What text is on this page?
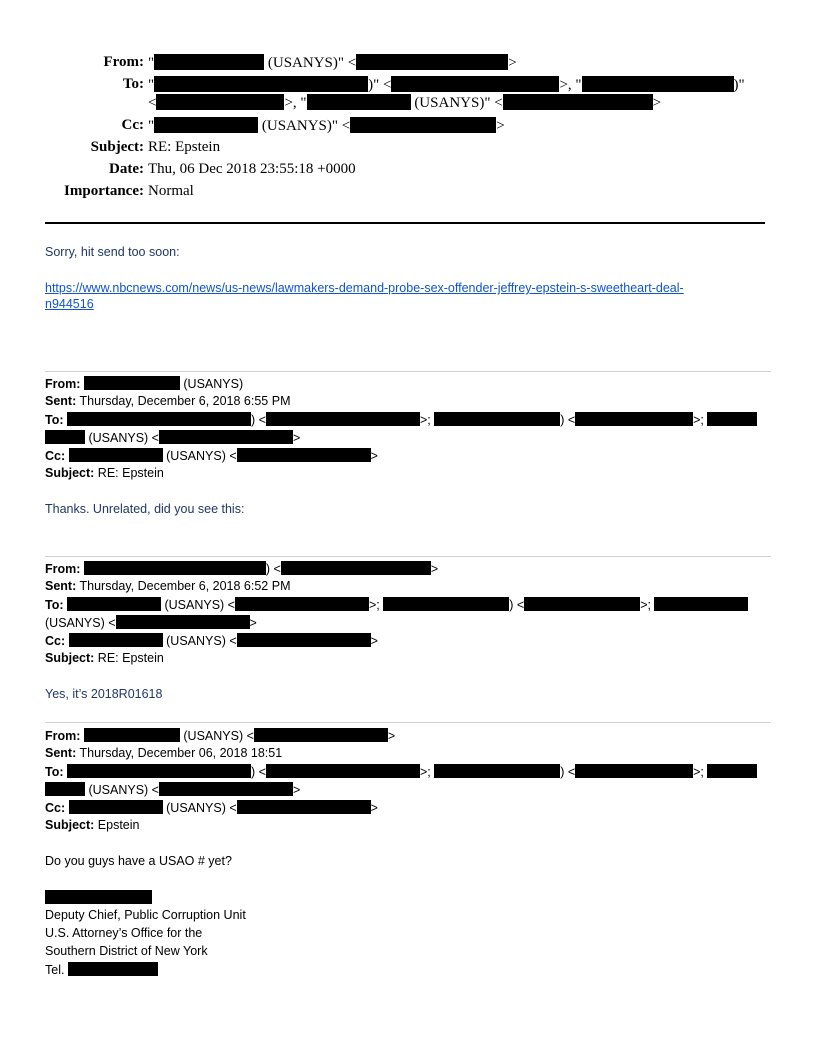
From: "	(USANYS)" <	>
To: "	)" <	>, "	)"
<	>, "	(USANYS)" <	>
Cc: "	(USANYS)" <	>
Subject: RE: Epstein
Date: Thu, 06 Dec 2018 23:55:18 +0000
Importance: Normal
Sorry, hit send too soon:
https://www.nbcnews.com/news/us-news/lawmakers-demand-probe-sex-offender-jeffrey-epstein-s-sweetheart-deal-
n944516
From:	(USANYS)
Sent: Thursday, December 6, 2018 6:55 PM
To:	) <	>;	) <	>;
(USANYS) <	>
Cc:	(USANYS) <	>
Subject: RE: Epstein
Thanks. Unrelated, did you see this:
From:	) <	>
Sent: Thursday, December 6, 2018 6:52 PM
To:	(USANYS) <	>;	) <	>;
(USANYS) <	>
Cc:	(USANYS) <	>
Subject: RE: Epstein
Yes, it’s 2018R01618
From:	(USANYS) <	>
Sent: Thursday, December 06, 2018 18:51
To:	) <	>;	) <	>;
(USANYS) <	>
Cc:	(USANYS) <	>
Subject: Epstein
Do you guys have a USAO # yet?
Deputy Chief, Public Corruption Unit
U.S. Attorney’s Office for the
Southern District of New York
Tel.
